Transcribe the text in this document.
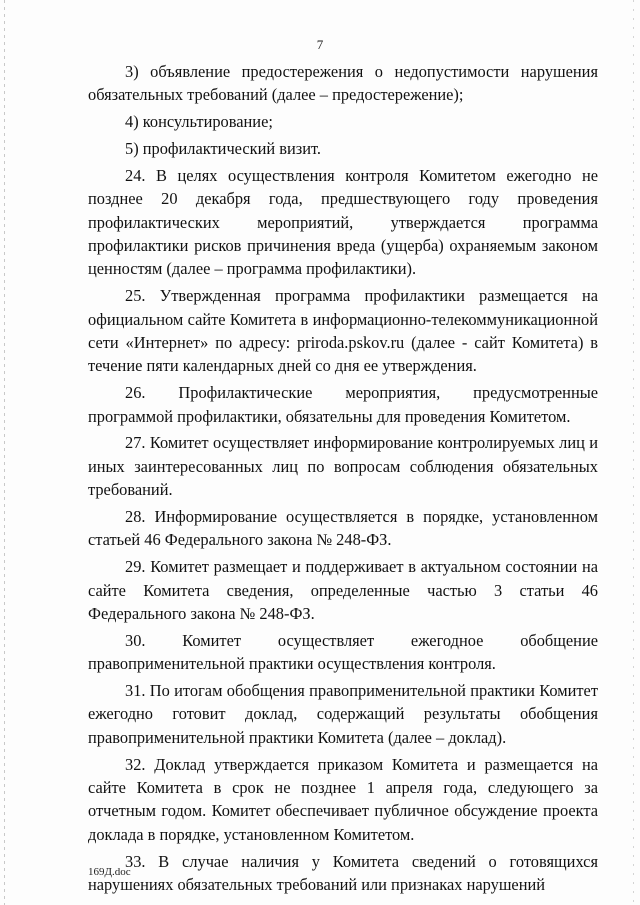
7

3) объявление предостережения о недопустимости нарушения обязательных требований (далее – предостережение);

4) консультирование;

5) профилактический визит.

24. В целях осуществления контроля Комитетом ежегодно не позднее 20 декабря года, предшествующего году проведения профилактических мероприятий, утверждается программа профилактики рисков причинения вреда (ущерба) охраняемым законом ценностям (далее – программа профилактики).

25. Утвержденная программа профилактики размещается на официальном сайте Комитета в информационно-телекоммуникационной сети «Интернет» по адресу: priroda.pskov.ru (далее - сайт Комитета) в течение пяти календарных дней со дня ее утверждения.

26. Профилактические мероприятия, предусмотренные программой профилактики, обязательны для проведения Комитетом.

27. Комитет осуществляет информирование контролируемых лиц и иных заинтересованных лиц по вопросам соблюдения обязательных требований.

28. Информирование осуществляется в порядке, установленном статьей 46 Федерального закона № 248-ФЗ.

29. Комитет размещает и поддерживает в актуальном состоянии на сайте Комитета сведения, определенные частью 3 статьи 46 Федерального закона № 248-ФЗ.

30. Комитет осуществляет ежегодное обобщение правоприменительной практики осуществления контроля.

31. По итогам обобщения правоприменительной практики Комитет ежегодно готовит доклад, содержащий результаты обобщения правоприменительной практики Комитета (далее – доклад).

32. Доклад утверждается приказом Комитета и размещается на сайте Комитета в срок не позднее 1 апреля года, следующего за отчетным годом. Комитет обеспечивает публичное обсуждение проекта доклада в порядке, установленном Комитетом.

33. В случае наличия у Комитета сведений о готовящихся нарушениях обязательных требований или признаках нарушений

169Д.doc
